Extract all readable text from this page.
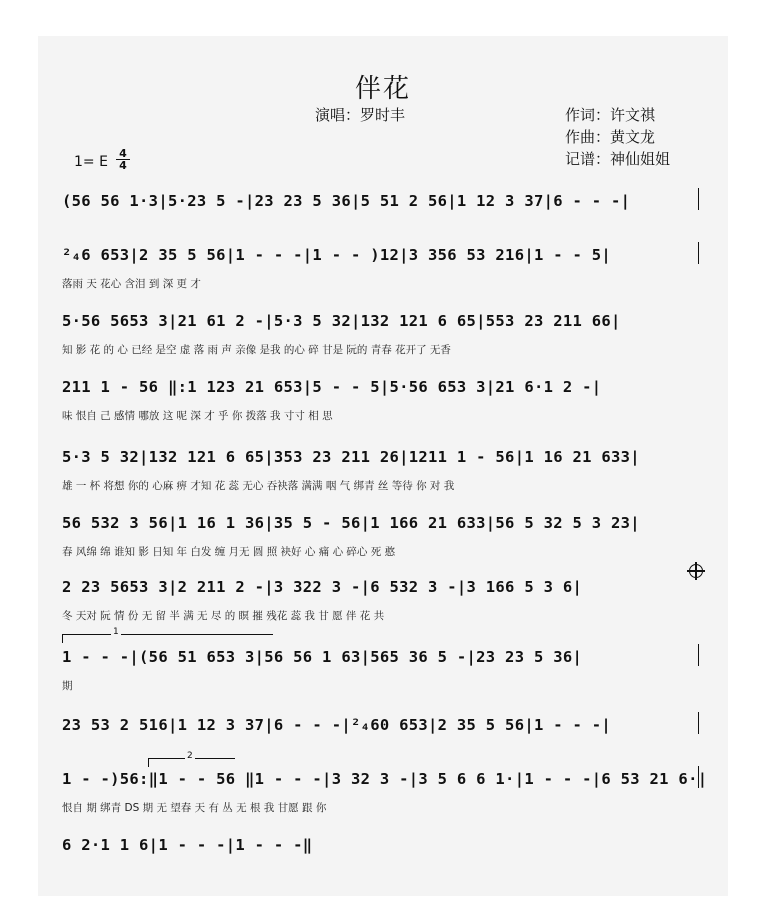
伴花
演唱：罗时丰	作词：许文祺
作曲：黄文龙
记谱：神仙姐姐
1= E $\frac{4}{4}$
(56 56 1·3|5·23 5 -|23 23 5 36|5 51 2 56|1 12 3 37|6 - - -|
²₄6 653|2 35 5 56|1 - - -|1 - - )12|3 356 53 216|1 - - 5|
落雨 天 花心 含泪 到 深 更 才
5·56 5653 3|21 61 2 -|5·3 5 32|132 121 6 65|553 23 211 66|
知 影 花 的 心 已经 是空 虚 落 雨 声 亲像 是我 的心 碎 甘是 阮的 青春 花开了 无香
211 1 - 56 ‖:1 123 21 653|5 - - 5|5·56 653 3|21 6·1 2 -|
味 恨自 己 感情 哪放 这 呢 深 才 乎 你 拨落 我 寸寸 相 思
5·3 5 32|132 121 6 65|353 23 211 26|1211 1 - 56|1 16 21 633|
雄 一 杯 将想 你的 心麻 痹 才知 花 蕊 无心 吞袂落 满满 咽 气 绑青 丝 等待 你 对 我
56 532 3 56|1 16 1 36|35 5 - 56|1 166 21 633|56 5 32 5 3 23|
春 风绵 绵 谁知 影 日知 年 白发 缠 月无 圆 照 袂好 心 痛 心 碎心 死 憨
2 23 5653 3|2 211 2 -|3 322 3 -|6 532 3 -|3 166 5 3 6|
冬 天对 阮 情 份 无 留 半 满 无 尽 的 瞑 摧 残花 蕊 我 甘 愿 伴 花 共
1
1 - - -|(56 51 653 3|56 56 1 63|565 36 5 -|23 23 5 36|
期
23 53 2 516|1 12 3 37|6 - - -|²₄60 653|2 35 5 56|1 - - -|
2
1 - -)56:‖1 - - 56 ‖1 - - -|3 32 3 -|3 5 6 6 1·|1 - - -|6 53 21 6·|
恨自 期 绑青 DS 期 无 望春 天 有 丛 无 根 我 甘愿 跟 你
6 2·1 1 6|1 - - -|1 - - -‖
